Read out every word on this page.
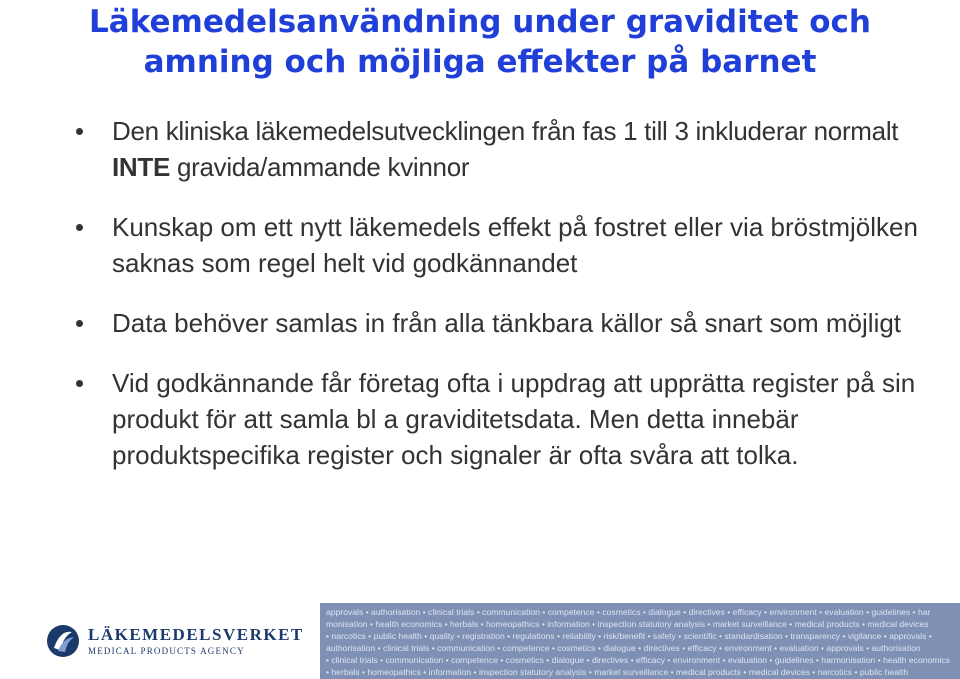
Läkemedelsanvändning under graviditet och
amning och möjliga effekter på barnet
Den kliniska läkemedelsutvecklingen från fas 1 till 3 inkluderar normalt INTE gravida/ammande kvinnor
Kunskap om ett nytt läkemedels effekt på fostret eller via bröstmjölken saknas som regel helt vid godkännandet
Data behöver samlas in från alla tänkbara källor så snart som möjligt
Vid godkännande får företag ofta i uppdrag att upprätta register på sin produkt för att samla bl a graviditetsdata. Men detta innebär produktspecifika register och signaler är ofta svåra att tolka.
LÄKEMEDELSVERKET
MEDICAL PRODUCTS AGENCY
approvals • authorisation • clinical trials • communication • competence • cosmetics • dialogue • directives • efficacy • environment • evaluation • guidelines • har
monisation • health economics • herbals • homeopathics • information • inspection statutory analysis • market surveillance • medical products • medical devices
• narcotics • public health • quality • registration • regulations • reliability • risk/benefit • safety • scientific • standardisation • transparency • vigilance • approvals •
authorisation • clinical trials • communication • competence • cosmetics • dialogue • directives • efficacy • environment • evaluation • approvals • authorisation
• clinical trials • communication • competence • cosmetics • dialogue • directives • efficacy • environment • evaluation • guidelines • harmonisation • health economics
• herbals • homeopathics • information • inspection statutory analysis • market surveillance • medical products • medical devices • narcotics • public health
